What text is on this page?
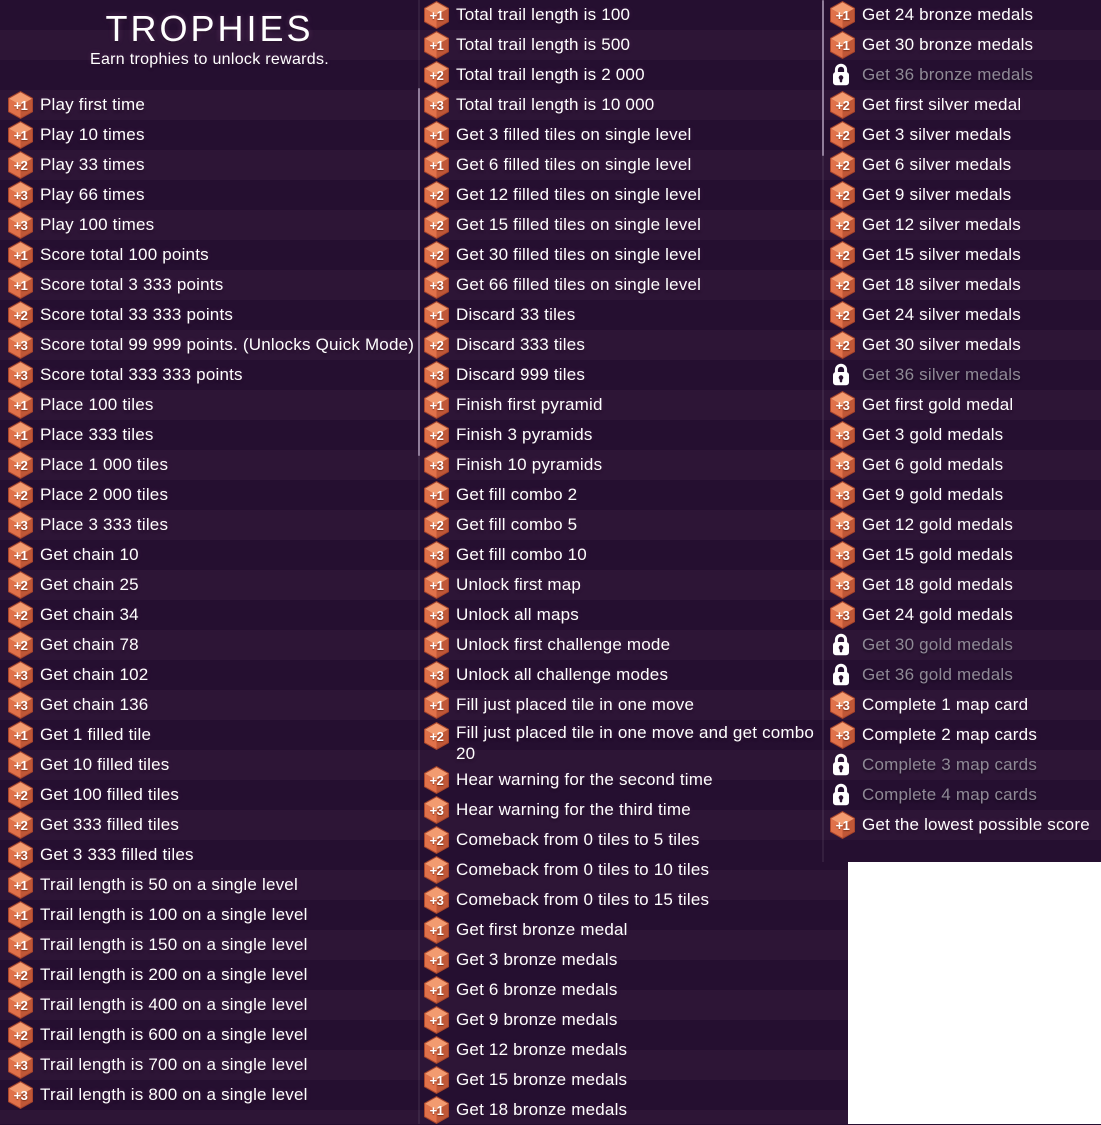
TROPHIES

Earn trophies to unlock rewards.

+1 Play first time
+1 Play 10 times
+2 Play 33 times
+3 Play 66 times
+3 Play 100 times
+1 Score total 100 points
+1 Score total 3 333 points
+2 Score total 33 333 points
+3 Score total 99 999 points. (Unlocks Quick Mode)
+3 Score total 333 333 points
+1 Place 100 tiles
+1 Place 333 tiles
+2 Place 1 000 tiles
+2 Place 2 000 tiles
+3 Place 3 333 tiles
+1 Get chain 10
+2 Get chain 25
+2 Get chain 34
+2 Get chain 78
+3 Get chain 102
+3 Get chain 136
+1 Get 1 filled tile
+1 Get 10 filled tiles
+2 Get 100 filled tiles
+2 Get 333 filled tiles
+3 Get 3 333 filled tiles
+1 Trail length is 50 on a single level
+1 Trail length is 100 on a single level
+1 Trail length is 150 on a single level
+2 Trail length is 200 on a single level
+2 Trail length is 400 on a single level
+2 Trail length is 600 on a single level
+3 Trail length is 700 on a single level
+3 Trail length is 800 on a single level
+1 Total trail length is 100
+1 Total trail length is 500
+2 Total trail length is 2 000
+3 Total trail length is 10 000
+1 Get 3 filled tiles on single level
+1 Get 6 filled tiles on single level
+2 Get 12 filled tiles on single level
+2 Get 15 filled tiles on single level
+2 Get 30 filled tiles on single level
+3 Get 66 filled tiles on single level
+1 Discard 33 tiles
+2 Discard 333 tiles
+3 Discard 999 tiles
+1 Finish first pyramid
+2 Finish 3 pyramids
+3 Finish 10 pyramids
+1 Get fill combo 2
+2 Get fill combo 5
+3 Get fill combo 10
+1 Unlock first map
+3 Unlock all maps
+1 Unlock first challenge mode
+3 Unlock all challenge modes
+1 Fill just placed tile in one move
+2 Fill just placed tile in one move and get combo 20
+2 Hear warning for the second time
+3 Hear warning for the third time
+2 Comeback from 0 tiles to 5 tiles
+2 Comeback from 0 tiles to 10 tiles
+3 Comeback from 0 tiles to 15 tiles
+1 Get first bronze medal
+1 Get 3 bronze medals
+1 Get 6 bronze medals
+1 Get 9 bronze medals
+1 Get 12 bronze medals
+1 Get 15 bronze medals
+1 Get 18 bronze medals
+1 Get 24 bronze medals
+1 Get 30 bronze medals
Get 36 bronze medals
+2 Get first silver medal
+2 Get 3 silver medals
+2 Get 6 silver medals
+2 Get 9 silver medals
+2 Get 12 silver medals
+2 Get 15 silver medals
+2 Get 18 silver medals
+2 Get 24 silver medals
+2 Get 30 silver medals
Get 36 silver medals
+3 Get first gold medal
+3 Get 3 gold medals
+3 Get 6 gold medals
+3 Get 9 gold medals
+3 Get 12 gold medals
+3 Get 15 gold medals
+3 Get 18 gold medals
+3 Get 24 gold medals
Get 30 gold medals
Get 36 gold medals
+3 Complete 1 map card
+3 Complete 2 map cards
Complete 3 map cards
Complete 4 map cards
+1 Get the lowest possible score
